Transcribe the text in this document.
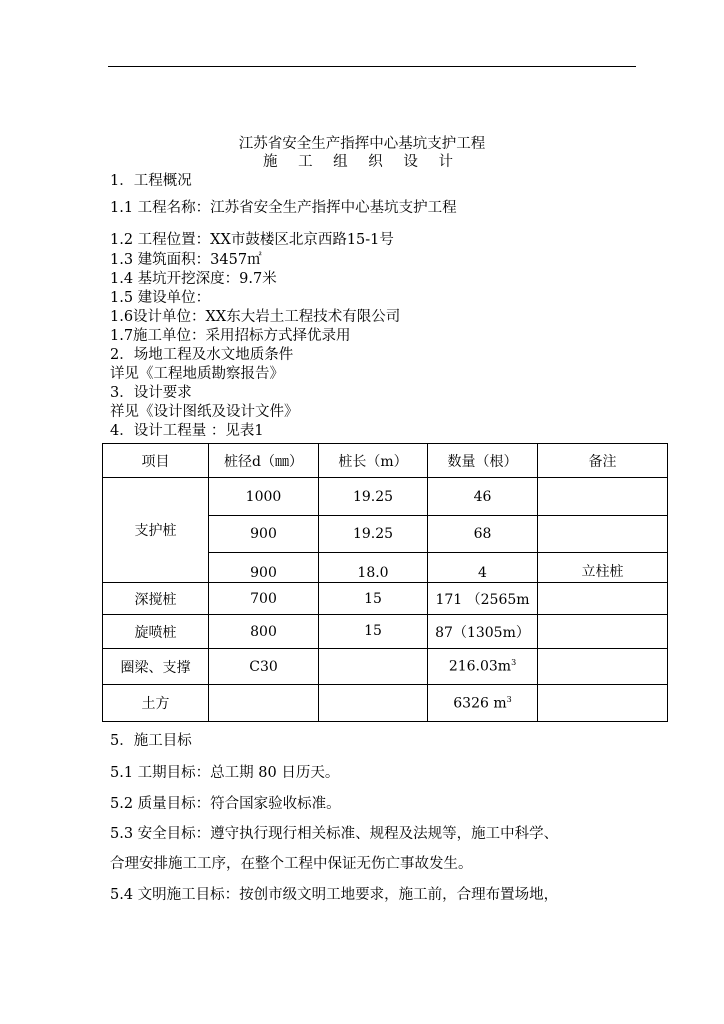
江苏省安全生产指挥中心基坑支护工程
施 工 组 织 设 计
1．工程概况
1.1 工程名称：江苏省安全生产指挥中心基坑支护工程
1.2 工程位置：XX市鼓楼区北京西路15-1号
1.3 建筑面积：3457㎡
1.4 基坑开挖深度：9.7米
1.5 建设单位：
1.6设计单位：XX东大岩土工程技术有限公司
1.7施工单位：采用招标方式择优录用
2．场地工程及水文地质条件
详见《工程地质勘察报告》
3．设计要求
祥见《设计图纸及设计文件》
4．设计工程量 ：见表1
项目	桩径d（㎜）	桩长（m）	数量（根）	备注
支护桩	1000	19.25	46	
	900	19.25	68	
	900	18.0	4	立柱桩
深搅桩	700	15	171 （2565m	
旋喷桩	800	15	87（1305m）	
圈梁、支撑	C30		$216.03m^3$	
土方			6326 $m^3$	
5．施工目标
5.1 工期目标：总工期 80 日历天。
5.2 质量目标：符合国家验收标准。
5.3 安全目标：遵守执行现行相关标准、规程及法规等，施工中科学、
合理安排施工工序，在整个工程中保证无伤亡事故发生。
5.4 文明施工目标：按创市级文明工地要求，施工前，合理布置场地，
